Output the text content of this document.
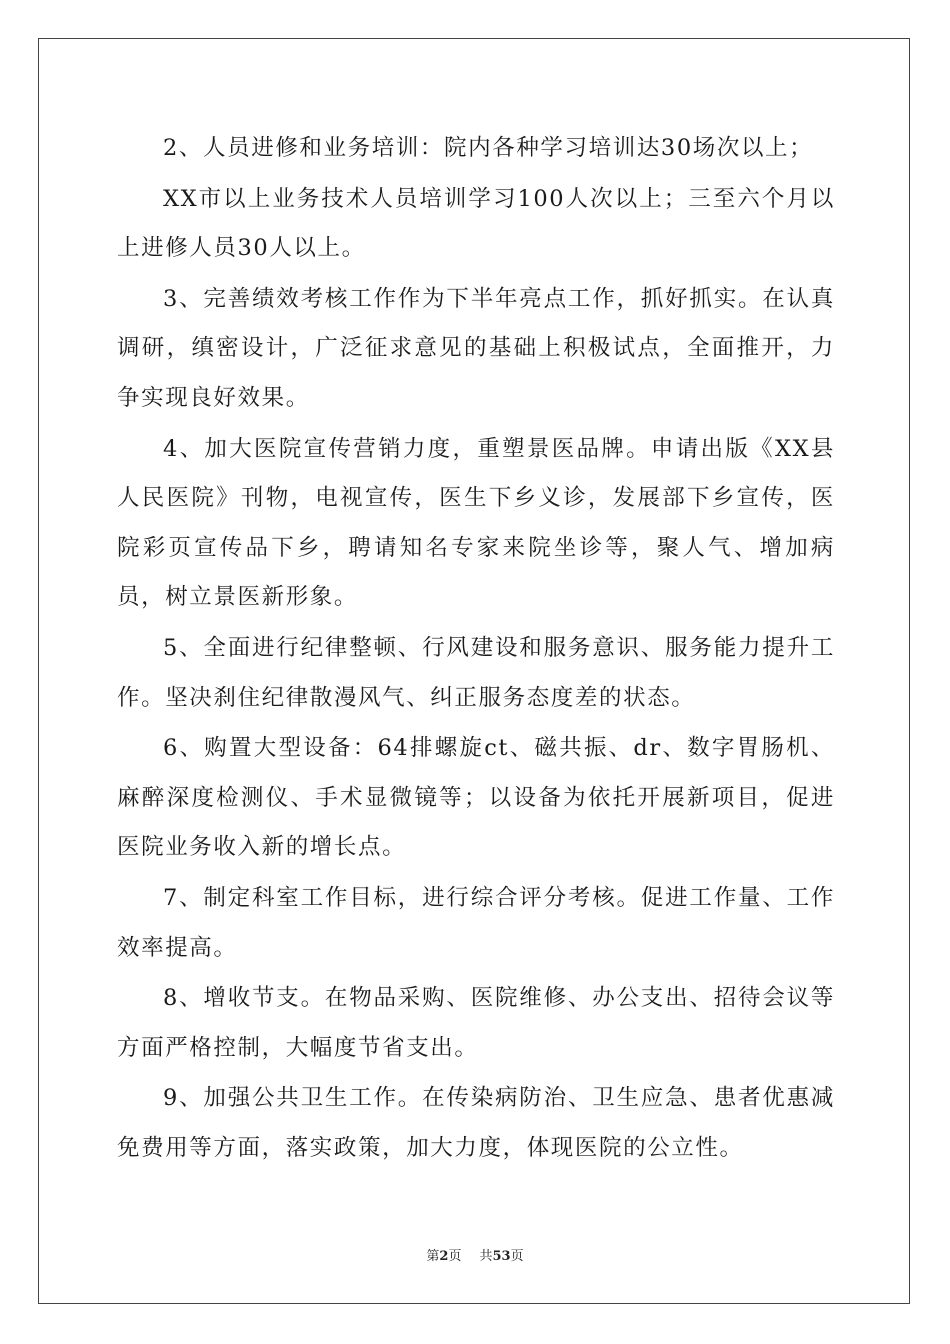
2、人员进修和业务培训：院内各种学习培训达30场次以上；

XX市以上业务技术人员培训学习100人次以上；三至六个月以上进修人员30人以上。

3、完善绩效考核工作作为下半年亮点工作，抓好抓实。在认真调研，缜密设计，广泛征求意见的基础上积极试点，全面推开，力争实现良好效果。

4、加大医院宣传营销力度，重塑景医品牌。申请出版《XX县人民医院》刊物，电视宣传，医生下乡义诊，发展部下乡宣传，医院彩页宣传品下乡，聘请知名专家来院坐诊等，聚人气、增加病员，树立景医新形象。

5、全面进行纪律整顿、行风建设和服务意识、服务能力提升工作。坚决刹住纪律散漫风气、纠正服务态度差的状态。

6、购置大型设备：64排螺旋ct、磁共振、dr、数字胃肠机、麻醉深度检测仪、手术显微镜等；以设备为依托开展新项目，促进医院业务收入新的增长点。

7、制定科室工作目标，进行综合评分考核。促进工作量、工作效率提高。

8、增收节支。在物品采购、医院维修、办公支出、招待会议等方面严格控制，大幅度节省支出。

9、加强公共卫生工作。在传染病防治、卫生应急、患者优惠减免费用等方面，落实政策，加大力度，体现医院的公立性。

第2页 共53页
